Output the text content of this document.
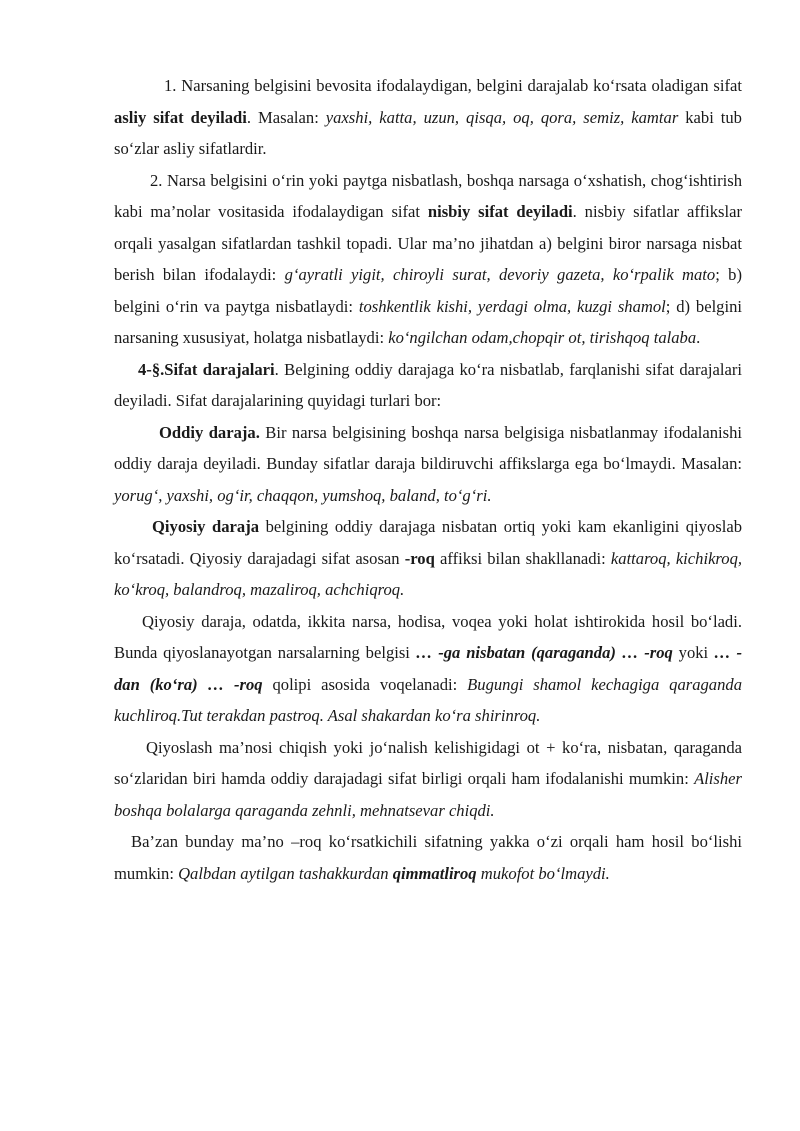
1. Narsaning belgisini bevosita ifodalaydigan, belgini darajalab ko‘rsata oladigan sifat asliy sifat deyiladi. Masalan: yaxshi, katta, uzun, qisqa, oq, qora, semiz, kamtar kabi tub so‘zlar asliy sifatlardir.

2. Narsa belgisini o‘rin yoki paytga nisbatlash, boshqa narsaga o‘xshatish, chog‘ishtirish kabi ma’nolar vositasida ifodalaydigan sifat nisbiy sifat deyiladi. nisbiy sifatlar affikslar orqali yasalgan sifatlardan tashkil topadi. Ular ma’no jihatdan a) belgini biror narsaga nisbat berish bilan ifodalaydi: g‘ayratli yigit, chiroyli surat, devoriy gazeta, ko‘rpalik mato; b) belgini o‘rin va paytga nisbatlaydi: toshkentlik kishi, yerdagi olma, kuzgi shamol; d) belgini narsaning xususiyat, holatga nisbatlaydi: ko‘ngilchan odam,chopqir ot, tirishqoq talaba.

4-§.Sifat darajalari. Belgining oddiy darajaga ko‘ra nisbatlab, farqlanishi sifat darajalari deyiladi. Sifat darajalarining quyidagi turlari bor:

Oddiy daraja. Bir narsa belgisining boshqa narsa belgisiga nisbatlanmay ifodalanishi oddiy daraja deyiladi. Bunday sifatlar daraja bildiruvchi affikslarga ega bo‘lmaydi. Masalan: yorug‘, yaxshi, og‘ir, chaqqon, yumshoq, baland, to‘g‘ri.

Qiyosiy daraja belgining oddiy darajaga nisbatan ortiq yoki kam ekanligini qiyoslab ko‘rsatadi. Qiyosiy darajadagi sifat asosan -roq affiksi bilan shakllanadi: kattaroq, kichikroq, ko‘kroq, balandroq, mazaliroq, achchiqroq.

Qiyosiy daraja, odatda, ikkita narsa, hodisa, voqea yoki holat ishtirokida hosil bo‘ladi. Bunda qiyoslanayotgan narsalarning belgisi … -ga nisbatan (qaraganda) … -roq yoki … -dan (ko‘ra) … -roq qolipi asosida voqelanadi: Bugungi shamol kechagiga qaraganda kuchliroq.Tut terakdan pastroq. Asal shakardan ko‘ra shirinroq.

Qiyoslash ma’nosi chiqish yoki jo‘nalish kelishigidagi ot + ko‘ra, nisbatan, qaraganda so‘zlaridan biri hamda oddiy darajadagi sifat birligi orqali ham ifodalanishi mumkin: Alisher boshqa bolalarga qaraganda zehnli, mehnatsevar chiqdi.

Ba’zan bunday ma’no –roq ko‘rsatkichili sifatning yakka o‘zi orqali ham hosil bo‘lishi mumkin: Qalbdan aytilgan tashakkurdan qimmatliroq mukofot bo‘lmaydi.
